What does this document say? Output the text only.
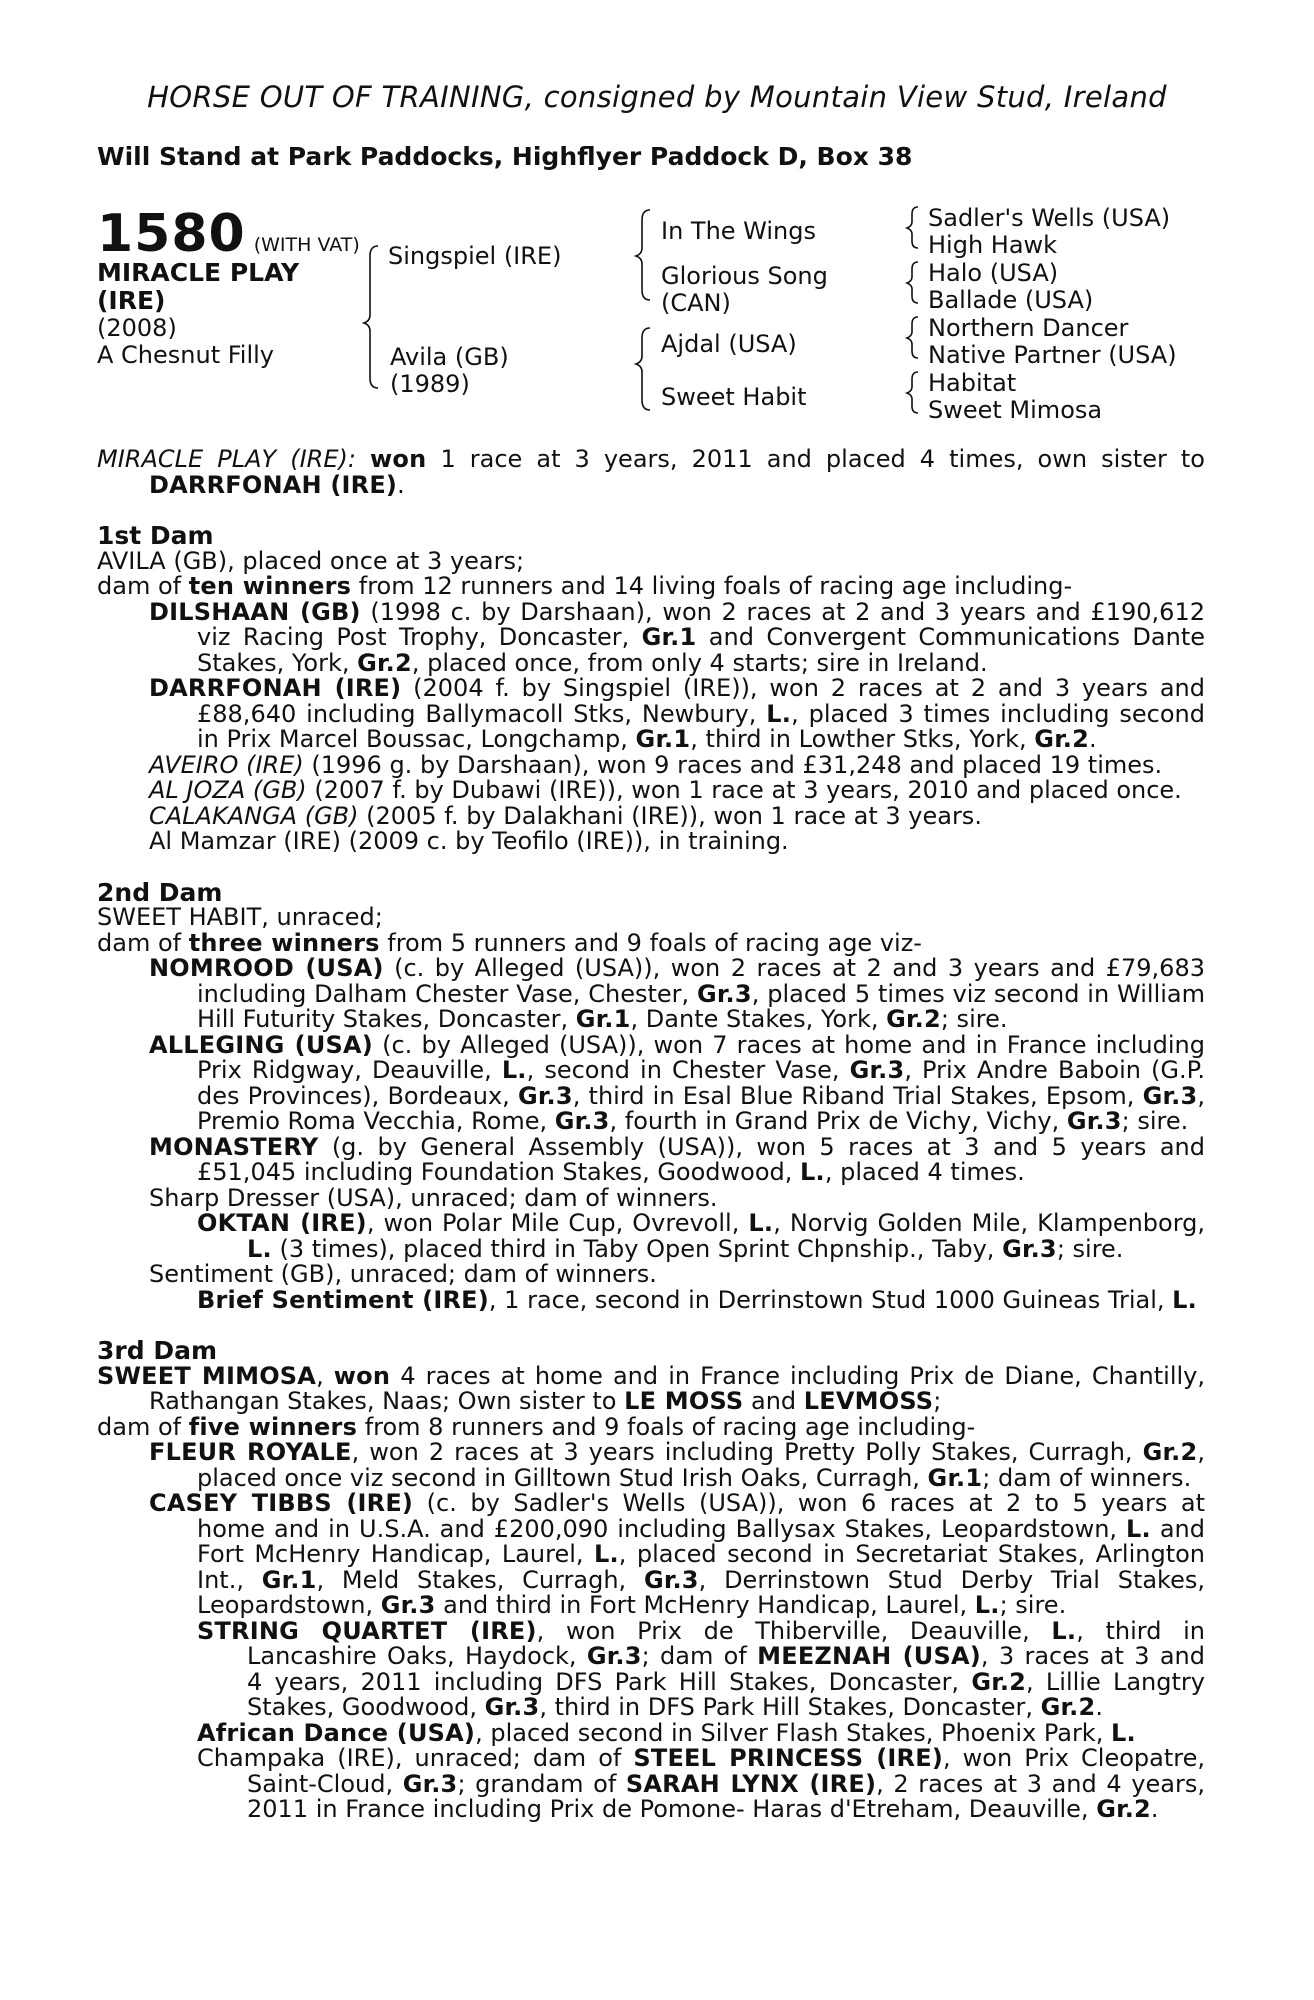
HORSE OUT OF TRAINING, consigned by Mountain View Stud, Ireland
Will Stand at Park Paddocks, Highflyer Paddock D, Box 38
1580 (WITH VAT)
MIRACLE PLAY
(IRE)
(2008)
A Chesnut Filly
Singspiel (IRE)
Avila (GB)
(1989)
In The Wings
Glorious Song
(CAN)
Ajdal (USA)
Sweet Habit
Sadler's Wells (USA)
High Hawk
Halo (USA)
Ballade (USA)
Northern Dancer
Native Partner (USA)
Habitat
Sweet Mimosa
MIRACLE PLAY (IRE): won 1 race at 3 years, 2011 and placed 4 times, own sister to
DARRFONAH (IRE).
1st Dam
AVILA (GB), placed once at 3 years;
dam of ten winners from 12 runners and 14 living foals of racing age including-
DILSHAAN (GB) (1998 c. by Darshaan), won 2 races at 2 and 3 years and £190,612
viz Racing Post Trophy, Doncaster, Gr.1 and Convergent Communications Dante
Stakes, York, Gr.2, placed once, from only 4 starts; sire in Ireland.
DARRFONAH (IRE) (2004 f. by Singspiel (IRE)), won 2 races at 2 and 3 years and
£88,640 including Ballymacoll Stks, Newbury, L., placed 3 times including second
in Prix Marcel Boussac, Longchamp, Gr.1, third in Lowther Stks, York, Gr.2.
AVEIRO (IRE) (1996 g. by Darshaan), won 9 races and £31,248 and placed 19 times.
AL JOZA (GB) (2007 f. by Dubawi (IRE)), won 1 race at 3 years, 2010 and placed once.
CALAKANGA (GB) (2005 f. by Dalakhani (IRE)), won 1 race at 3 years.
Al Mamzar (IRE) (2009 c. by Teofilo (IRE)), in training.
2nd Dam
SWEET HABIT, unraced;
dam of three winners from 5 runners and 9 foals of racing age viz-
NOMROOD (USA) (c. by Alleged (USA)), won 2 races at 2 and 3 years and £79,683
including Dalham Chester Vase, Chester, Gr.3, placed 5 times viz second in William
Hill Futurity Stakes, Doncaster, Gr.1, Dante Stakes, York, Gr.2; sire.
ALLEGING (USA) (c. by Alleged (USA)), won 7 races at home and in France including
Prix Ridgway, Deauville, L., second in Chester Vase, Gr.3, Prix Andre Baboin (G.P.
des Provinces), Bordeaux, Gr.3, third in Esal Blue Riband Trial Stakes, Epsom, Gr.3,
Premio Roma Vecchia, Rome, Gr.3, fourth in Grand Prix de Vichy, Vichy, Gr.3; sire.
MONASTERY (g. by General Assembly (USA)), won 5 races at 3 and 5 years and
£51,045 including Foundation Stakes, Goodwood, L., placed 4 times.
Sharp Dresser (USA), unraced; dam of winners.
OKTAN (IRE), won Polar Mile Cup, Ovrevoll, L., Norvig Golden Mile, Klampenborg,
L. (3 times), placed third in Taby Open Sprint Chpnship., Taby, Gr.3; sire.
Sentiment (GB), unraced; dam of winners.
Brief Sentiment (IRE), 1 race, second in Derrinstown Stud 1000 Guineas Trial, L.
3rd Dam
SWEET MIMOSA, won 4 races at home and in France including Prix de Diane, Chantilly,
Rathangan Stakes, Naas; Own sister to LE MOSS and LEVMOSS;
dam of five winners from 8 runners and 9 foals of racing age including-
FLEUR ROYALE, won 2 races at 3 years including Pretty Polly Stakes, Curragh, Gr.2,
placed once viz second in Gilltown Stud Irish Oaks, Curragh, Gr.1; dam of winners.
CASEY TIBBS (IRE) (c. by Sadler's Wells (USA)), won 6 races at 2 to 5 years at
home and in U.S.A. and £200,090 including Ballysax Stakes, Leopardstown, L. and
Fort McHenry Handicap, Laurel, L., placed second in Secretariat Stakes, Arlington
Int., Gr.1, Meld Stakes, Curragh, Gr.3, Derrinstown Stud Derby Trial Stakes,
Leopardstown, Gr.3 and third in Fort McHenry Handicap, Laurel, L.; sire.
STRING QUARTET (IRE), won Prix de Thiberville, Deauville, L., third in
Lancashire Oaks, Haydock, Gr.3; dam of MEEZNAH (USA), 3 races at 3 and
4 years, 2011 including DFS Park Hill Stakes, Doncaster, Gr.2, Lillie Langtry
Stakes, Goodwood, Gr.3, third in DFS Park Hill Stakes, Doncaster, Gr.2.
African Dance (USA), placed second in Silver Flash Stakes, Phoenix Park, L.
Champaka (IRE), unraced; dam of STEEL PRINCESS (IRE), won Prix Cleopatre,
Saint-Cloud, Gr.3; grandam of SARAH LYNX (IRE), 2 races at 3 and 4 years,
2011 in France including Prix de Pomone- Haras d'Etreham, Deauville, Gr.2.
